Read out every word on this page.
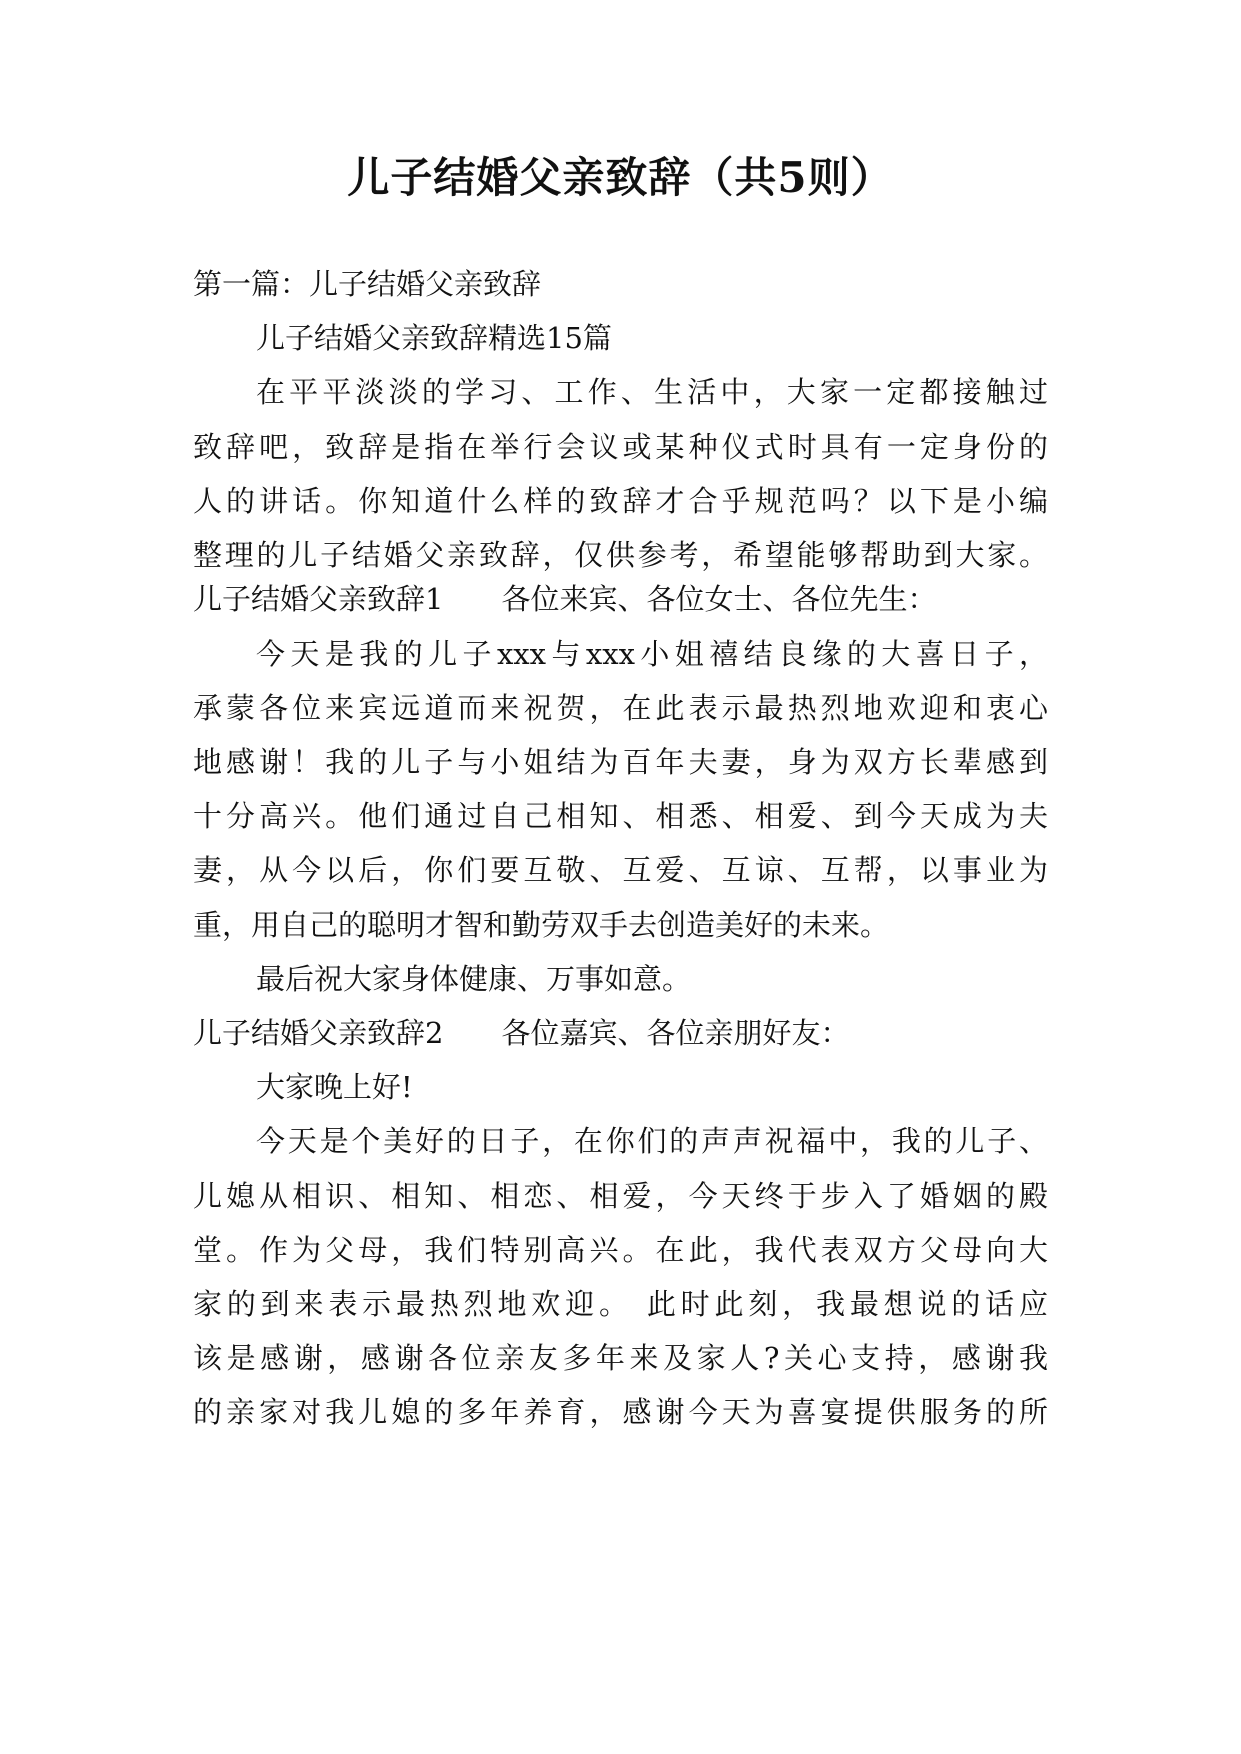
儿子结婚父亲致辞（共5则）

第一篇：儿子结婚父亲致辞

儿子结婚父亲致辞精选15篇

在平平淡淡的学习、工作、生活中，大家一定都接触过

致辞吧，致辞是指在举行会议或某种仪式时具有一定身份的

人的讲话。你知道什么样的致辞才合乎规范吗？以下是小编

整理的儿子结婚父亲致辞，仅供参考，希望能够帮助到大家。

儿子结婚父亲致辞1　　各位来宾、各位女士、各位先生：

今天是我的儿子xxx与xxx小姐禧结良缘的大喜日子，

承蒙各位来宾远道而来祝贺，在此表示最热烈地欢迎和衷心

地感谢！我的儿子与小姐结为百年夫妻，身为双方长辈感到

十分高兴。他们通过自己相知、相悉、相爱、到今天成为夫

妻，从今以后，你们要互敬、互爱、互谅、互帮，以事业为

重，用自己的聪明才智和勤劳双手去创造美好的未来。

最后祝大家身体健康、万事如意。

儿子结婚父亲致辞2　　各位嘉宾、各位亲朋好友：

大家晚上好!

今天是个美好的日子，在你们的声声祝福中，我的儿子、

儿媳从相识、相知、相恋、相爱，今天终于步入了婚姻的殿

堂。作为父母，我们特别高兴。在此，我代表双方父母向大

家的到来表示最热烈地欢迎。 此时此刻，我最想说的话应

该是感谢，感谢各位亲友多年来及家人?关心支持，感谢我

的亲家对我儿媳的多年养育，感谢今天为喜宴提供服务的所
